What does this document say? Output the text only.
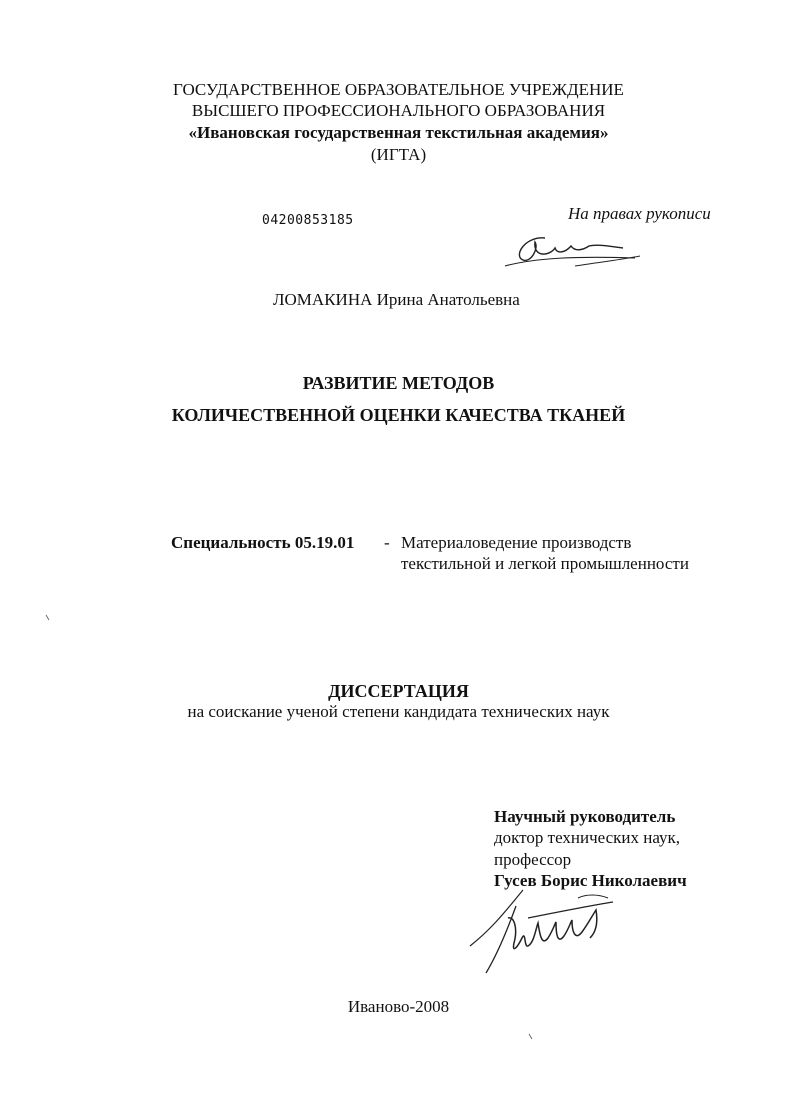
ГОСУДАРСТВЕННОЕ ОБРАЗОВАТЕЛЬНОЕ УЧРЕЖДЕНИЕ
ВЫСШЕГО ПРОФЕССИОНАЛЬНОГО ОБРАЗОВАНИЯ
«Ивановская государственная текстильная академия»
(ИГТА)
04200853185	На правах рукописи
ЛОМАКИНА Ирина Анатольевна
РАЗВИТИЕ МЕТОДОВ
КОЛИЧЕСТВЕННОЙ ОЦЕНКИ КАЧЕСТВА ТКАНЕЙ
Специальность 05.19.01 - Материаловедение производств
текстильной и легкой промышленности
ДИССЕРТАЦИЯ
на соискание ученой степени кандидата технических наук
Научный руководитель
доктор технических наук,
профессор
Гусев Борис Николаевич
Иваново-2008
